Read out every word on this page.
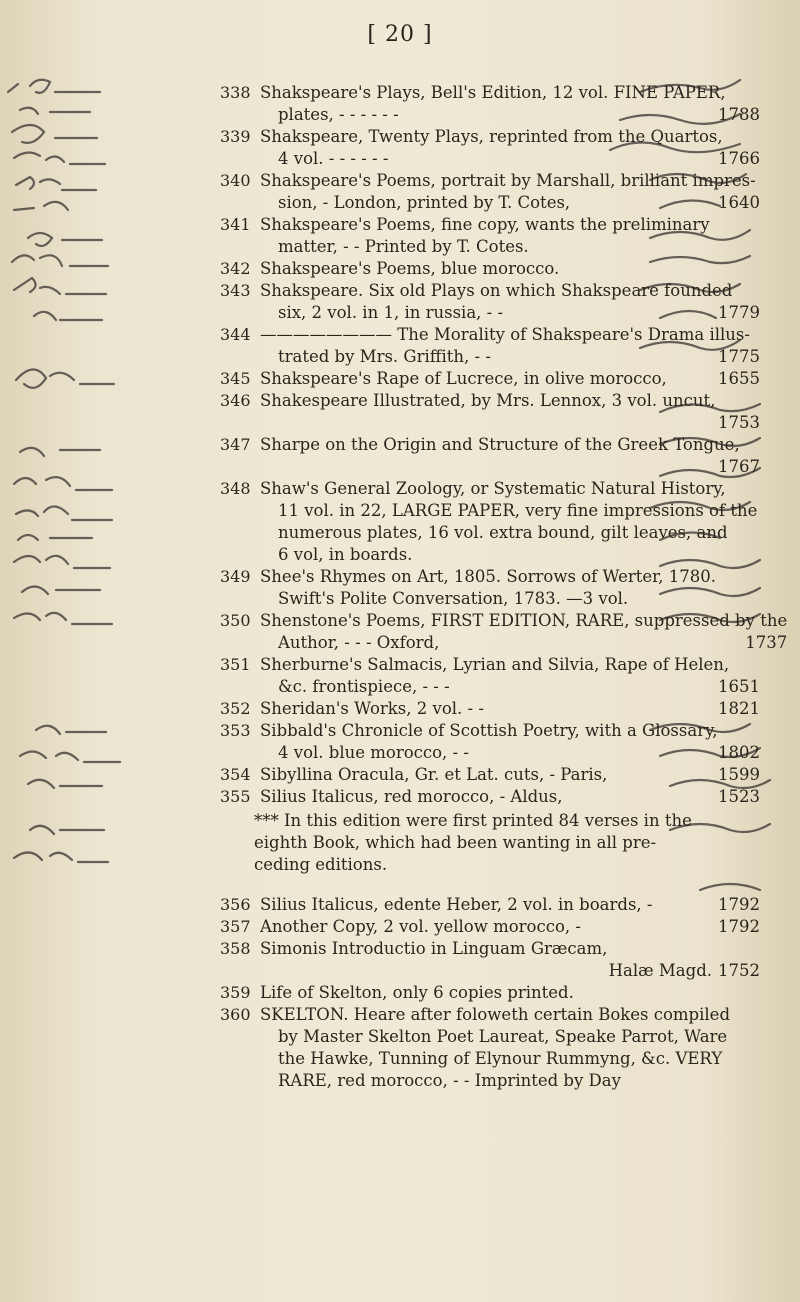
[ 20 ]
338 Shakspeare's Plays, Bell's Edition, 12 vol. FINE PAPER,
plates, - - - - - -	1788
339 Shakspeare, Twenty Plays, reprinted from the Quartos,
4 vol. - - - - - -	1766
340 Shakspeare's Poems, portrait by Marshall, brilliant impres-
sion, - London, printed by T. Cotes,	1640
341 Shakspeare's Poems, fine copy, wants the preliminary
matter, - - Printed by T. Cotes.
342 Shakspeare's Poems, blue morocco.
343 Shakspeare. Six old Plays on which Shakspeare founded
six, 2 vol. in 1, in russia, - -	1779
344 ———————— The Morality of Shakspeare's Drama illus-
trated by Mrs. Griffith, - -	1775
345 Shakspeare's Rape of Lucrece, in olive morocco,	1655
346 Shakespeare Illustrated, by Mrs. Lennox, 3 vol. uncut,
1753
347 Sharpe on the Origin and Structure of the Greek Tongue,
1767
348 Shaw's General Zoology, or Systematic Natural History,
11 vol. in 22, LARGE PAPER, very fine impressions of the
numerous plates, 16 vol. extra bound, gilt leaves, and
6 vol, in boards.
349 Shee's Rhymes on Art, 1805. Sorrows of Werter, 1780.
Swift's Polite Conversation, 1783. —3 vol.
350 Shenstone's Poems, FIRST EDITION, RARE, suppressed by the
Author, - - - Oxford,	1737
351 Sherburne's Salmacis, Lyrian and Silvia, Rape of Helen,
&c. frontispiece, - - -	1651
352 Sheridan's Works, 2 vol. - -	1821
353 Sibbald's Chronicle of Scottish Poetry, with a Glossary,
4 vol. blue morocco, - -	1802
354 Sibyllina Oracula, Gr. et Lat. cuts, - Paris,	1599
355 Silius Italicus, red morocco, - Aldus,	1523
*** In this edition were first printed 84 verses in the
eighth Book, which had been wanting in all pre-
ceding editions.
356 Silius Italicus, edente Heber, 2 vol. in boards, -	1792
357 Another Copy, 2 vol. yellow morocco, -	1792
358 Simonis Introductio in Linguam Græcam,
Halæ Magd. 1752
359 Life of Skelton, only 6 copies printed.
360 SKELTON. Heare after foloweth certain Bokes compiled
by Master Skelton Poet Laureat, Speake Parrot, Ware
the Hawke, Tunning of Elynour Rummyng, &c. VERY
RARE, red morocco, - - Imprinted by Day
